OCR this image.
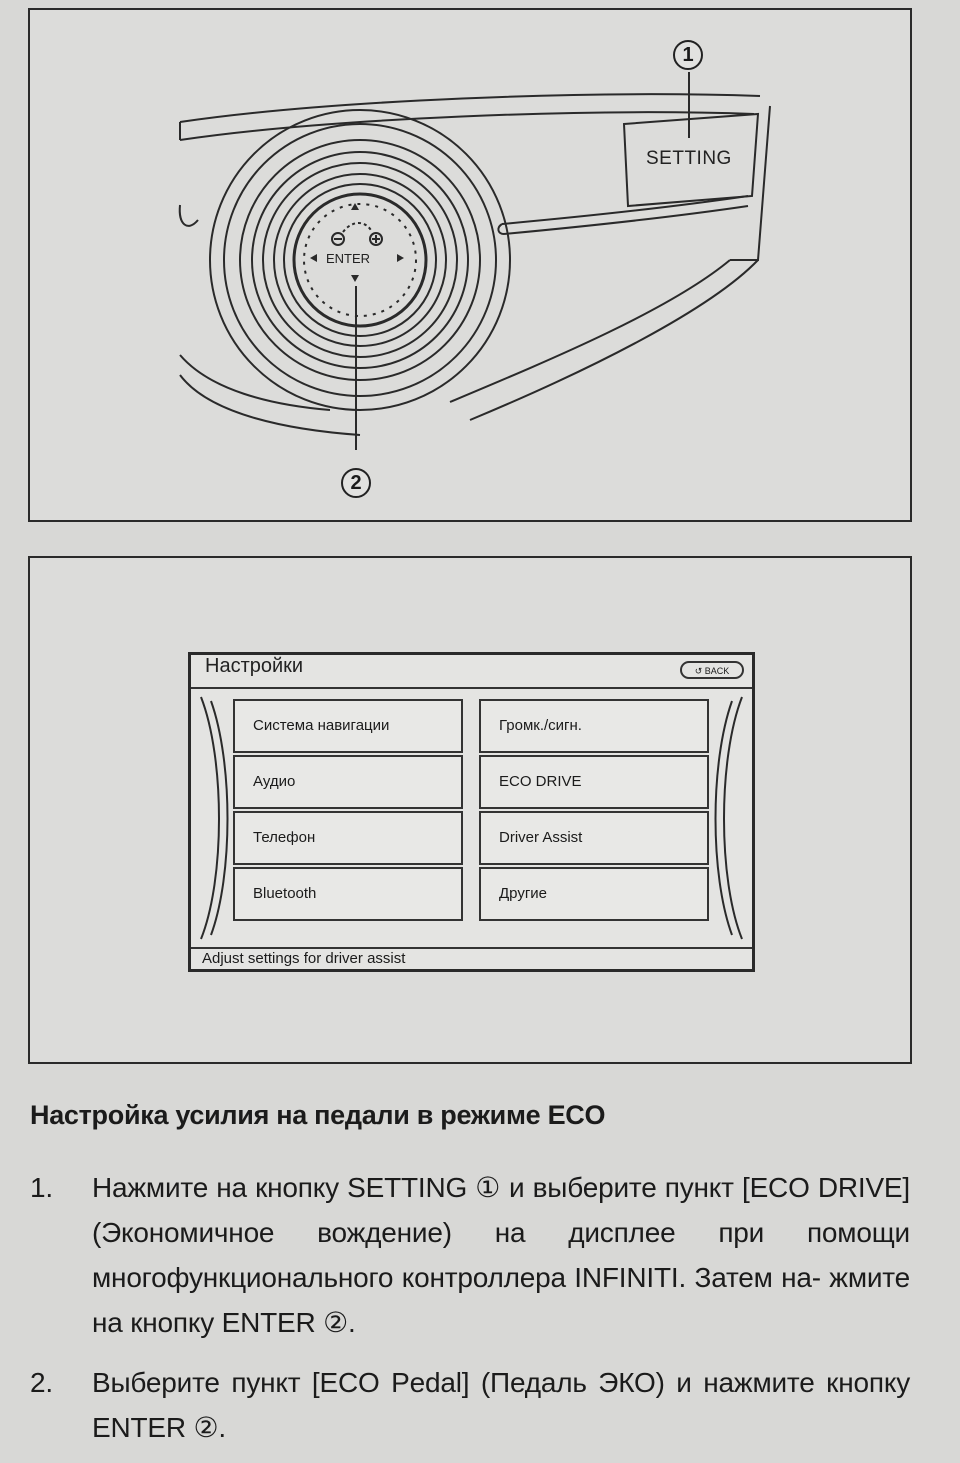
SETTING
ENTER
1
2
Настройки	↺ BACK
Система навигации
Аудио
Телефон
Bluetooth
Громк./сигн.
ECO DRIVE
Driver Assist
Другие
Adjust settings for driver assist
Настройка усилия на педали в режиме ECO
1. Нажмите на кнопку SETTING ① и выберите пункт [ECO DRIVE] (Экономичное вождение) на дисплее при помощи многофункционального контроллера INFINITI. Затем на- жмите на кнопку ENTER ②.
2. Выберите пункт [ECO Pedal] (Педаль ЭКО) и нажмите кнопку ENTER ②.
